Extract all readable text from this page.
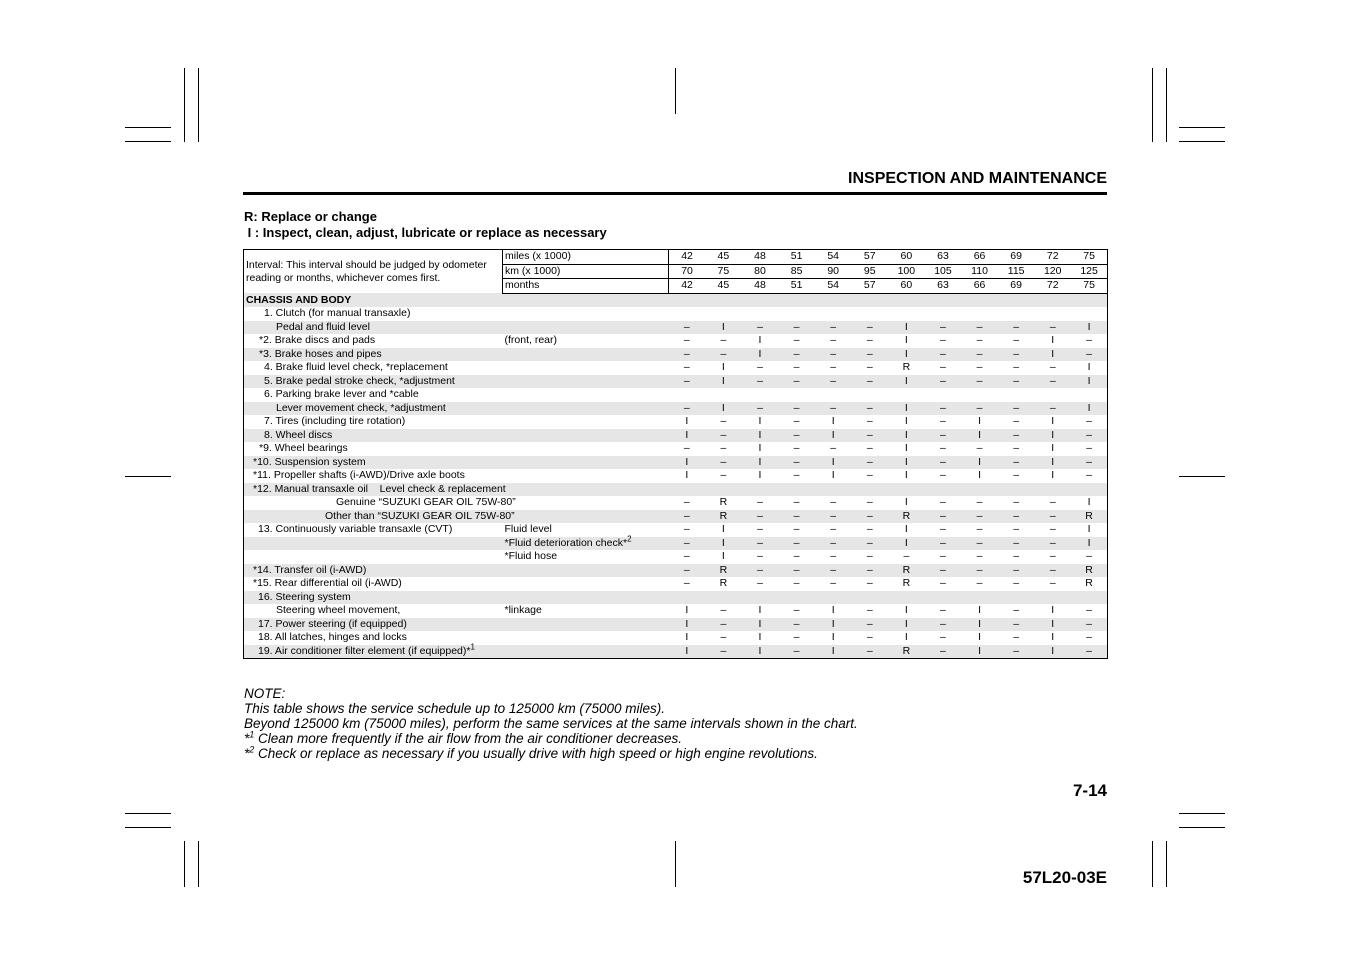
INSPECTION AND MAINTENANCE
R: Replace or change
I : Inspect, clean, adjust, lubricate or replace as necessary
Interval: This interval should be judged by odometer reading or months, whichever comes first.	miles (x 1000)	42	45	48	51	54	57	60	63	66	69	72	75
	km (x 1000)	70	75	80	85	90	95	100	105	110	115	120	125
	months	42	45	48	51	54	57	60	63	66	69	72	75
CHASSIS AND BODY													
1. Clutch (for manual transaxle)													
Pedal and fluid level		–	I	–	–	–	–	I	–	–	–	–	I
*2. Brake discs and pads	(front, rear)	–	–	I	–	–	–	I	–	–	–	I	–
*3. Brake hoses and pipes		–	–	I	–	–	–	I	–	–	–	I	–
4. Brake fluid level check, *replacement		–	I	–	–	–	–	R	–	–	–	–	I
5. Brake pedal stroke check, *adjustment		–	I	–	–	–	–	I	–	–	–	–	I
6. Parking brake lever and *cable													
Lever movement check, *adjustment		–	I	–	–	–	–	I	–	–	–	–	I
7. Tires (including tire rotation)		I	–	I	–	I	–	I	–	I	–	I	–
8. Wheel discs		I	–	I	–	I	–	I	–	I	–	I	–
*9. Wheel bearings		–	–	I	–	–	–	I	–	–	–	I	–
*10. Suspension system		I	–	I	–	I	–	I	–	I	–	I	–
*11. Propeller shafts (i-AWD)/Drive axle boots		I	–	I	–	I	–	I	–	I	–	I	–
*12. Manual transaxle oil    Level check & replacement													
Genuine “SUZUKI GEAR OIL 75W-80”		–	R	–	–	–	–	I	–	–	–	–	I
Other than “SUZUKI GEAR OIL 75W-80”		–	R	–	–	–	–	R	–	–	–	–	R
13. Continuously variable transaxle (CVT)	Fluid level	–	I	–	–	–	–	I	–	–	–	–	I
	*Fluid deterioration check*$^2$	–	I	–	–	–	–	I	–	–	–	–	I
	*Fluid hose	–	I	–	–	–	–	–	–	–	–	–	–
*14. Transfer oil (i-AWD)		–	R	–	–	–	–	R	–	–	–	–	R
*15. Rear differential oil (i-AWD)		–	R	–	–	–	–	R	–	–	–	–	R
16. Steering system													
Steering wheel movement,	*linkage	I	–	I	–	I	–	I	–	I	–	I	–
17. Power steering (if equipped)		I	–	I	–	I	–	I	–	I	–	I	–
18. All latches, hinges and locks		I	–	I	–	I	–	I	–	I	–	I	–
19. Air conditioner filter element (if equipped)*$^1$		I	–	I	–	I	–	R	–	I	–	I	–
NOTE:
This table shows the service schedule up to 125000 km (75000 miles).
Beyond 125000 km (75000 miles), perform the same services at the same intervals shown in the chart.
*$^1$ Clean more frequently if the air flow from the air conditioner decreases.
*$^2$ Check or replace as necessary if you usually drive with high speed or high engine revolutions.
7-14
57L20-03E
